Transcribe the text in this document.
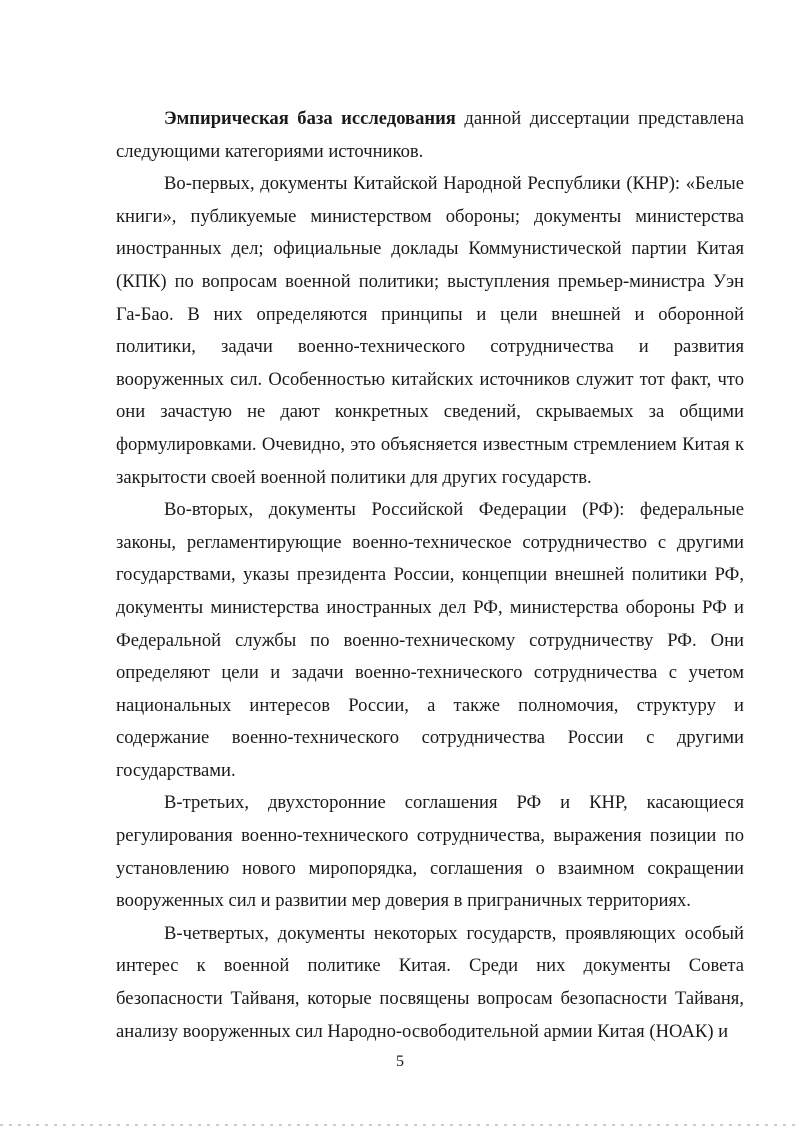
Эмпирическая база исследования данной диссертации представлена следующими категориями источников.

Во-первых, документы Китайской Народной Республики (КНР): «Белые книги», публикуемые министерством обороны; документы министерства иностранных дел; официальные доклады Коммунистической партии Китая (КПК) по вопросам военной политики; выступления премьер-министра Уэн Га-Бао. В них определяются принципы и цели внешней и оборонной политики, задачи военно-технического сотрудничества и развития вооруженных сил. Особенностью китайских источников служит тот факт, что они зачастую не дают конкретных сведений, скрываемых за общими формулировками. Очевидно, это объясняется известным стремлением Китая к закрытости своей военной политики для других государств.

Во-вторых, документы Российской Федерации (РФ): федеральные законы, регламентирующие военно-техническое сотрудничество с другими государствами, указы президента России, концепции внешней политики РФ, документы министерства иностранных дел РФ, министерства обороны РФ и Федеральной службы по военно-техническому сотрудничеству РФ. Они определяют цели и задачи военно-технического сотрудничества с учетом национальных интересов России, а также полномочия, структуру и содержание военно-технического сотрудничества России с другими государствами.

В-третьих, двухсторонние соглашения РФ и КНР, касающиеся регулирования военно-технического сотрудничества, выражения позиции по установлению нового миропорядка, соглашения о взаимном сокращении вооруженных сил и развитии мер доверия в приграничных территориях.

В-четвертых, документы некоторых государств, проявляющих особый интерес к военной политике Китая. Среди них документы Совета безопасности Тайваня, которые посвящены вопросам безопасности Тайваня, анализу вооруженных сил Народно-освободительной армии Китая (НОАК) и

5
